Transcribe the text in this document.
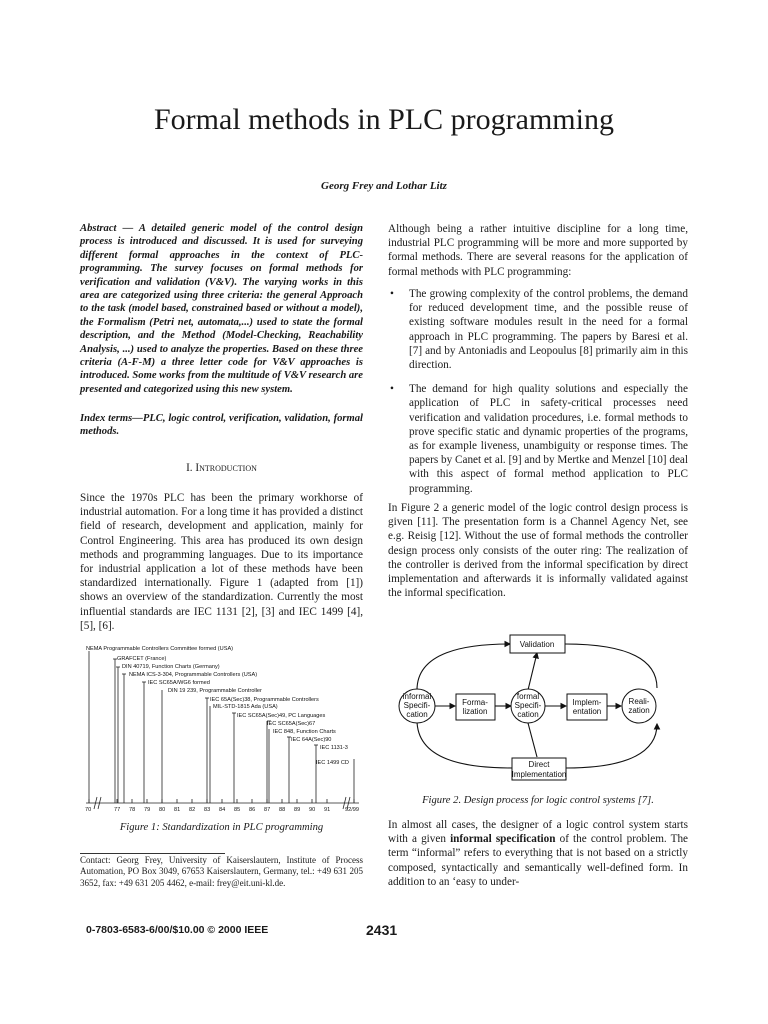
Formal methods in PLC programming
Georg Frey and Lothar Litz
Abstract — A detailed generic model of the control design process is introduced and discussed. It is used for surveying different formal approaches in the context of PLC-programming. The survey focuses on formal methods for verification and validation (V&V). The varying works in this area are categorized using three criteria: the general Approach to the task (model based, constrained based or without a model), the Formalism (Petri net, automata,...) used to state the formal description, and the Method (Model-Checking, Reachability Analysis, ...) used to analyze the properties. Based on these three criteria (A-F-M) a three letter code for V&V approaches is introduced. Some works from the multitude of V&V research are presented and categorized using this new system.
Index terms—PLC, logic control, verification, validation, formal methods.
I. Introduction
Since the 1970s PLC has been the primary workhorse of industrial automation. For a long time it has provided a distinct field of research, development and application, mainly for Control Engineering. This area has produced its own design methods and programming languages. Due to its importance for industrial application a lot of these methods have been standardized internationally. Figure 1 (adapted from [1]) shows an overview of the standardization. Currently the most influential standards are IEC 1131 [2], [3] and IEC 1499 [4], [5], [6].
NEMA Programmable Controllers Committee formed (USA)
GRAFCET (France)
DIN 40719, Function Charts (Germany)
NEMA ICS-3-304, Programmable Controllers (USA)
IEC SC65A/WG6 formed
DIN 19 239, Programmable Controller
IEC 65A(Sec)38, Programmable Controllers
MIL-STD-1815 Ada (USA)
IEC SC65A(Sec)49, PC Languages
IEC SC65A(Sec)67
IEC 848, Function Charts
IEC 64A(Sec)90
IEC 1131-3
IEC 1499 CD
70	77 78 79 80 81 82 83 84 85 86 87 88 89 90 91	92/99
Figure 1: Standardization in PLC programming
Contact: Georg Frey, University of Kaiserslautern, Institute of Process Automation, PO Box 3049, 67653 Kaiserslautern, Germany, tel.: +49 631 205 3652, fax: +49 631 205 4462, e-mail: frey@eit.uni-kl.de.
0-7803-6583-6/00/$10.00 © 2000 IEEE	2431
Although being a rather intuitive discipline for a long time, industrial PLC programming will be more and more supported by formal methods. There are several reasons for the application of formal methods with PLC programming:
• The growing complexity of the control problems, the demand for reduced development time, and the possible reuse of existing software modules result in the need for a formal approach in PLC programming. The papers by Baresi et al. [7] and by Antoniadis and Leopoulus [8] primarily aim in this direction.
• The demand for high quality solutions and especially the application of PLC in safety-critical processes need verification and validation procedures, i.e. formal methods to prove specific static and dynamic properties of the programs, as for example liveness, unambiguity or response times. The papers by Canet et al. [9] and by Mertke and Menzel [10] deal with this aspect of formal method application to PLC programming.
In Figure 2 a generic model of the logic control design process is given [11]. The presentation form is a Channel Agency Net, see e.g. Reisig [12]. Without the use of formal methods the controller design process only consists of the outer ring: The realization of the controller is derived from the informal specification by direct implementation and afterwards it is informally validated against the informal specification.
Validation
informal
Specifi-
cation
Forma-
lization
formal
Specifi-
cation
Implem-
entation
Reali-
zation
Direct
Implementation
Figure 2. Design process for logic control systems [7].
In almost all cases, the designer of a logic control system starts with a given informal specification of the control problem. The term “informal” refers to everything that is not based on a strictly composed, syntactically and semantically well-defined form. In addition to an ‘easy to under-
